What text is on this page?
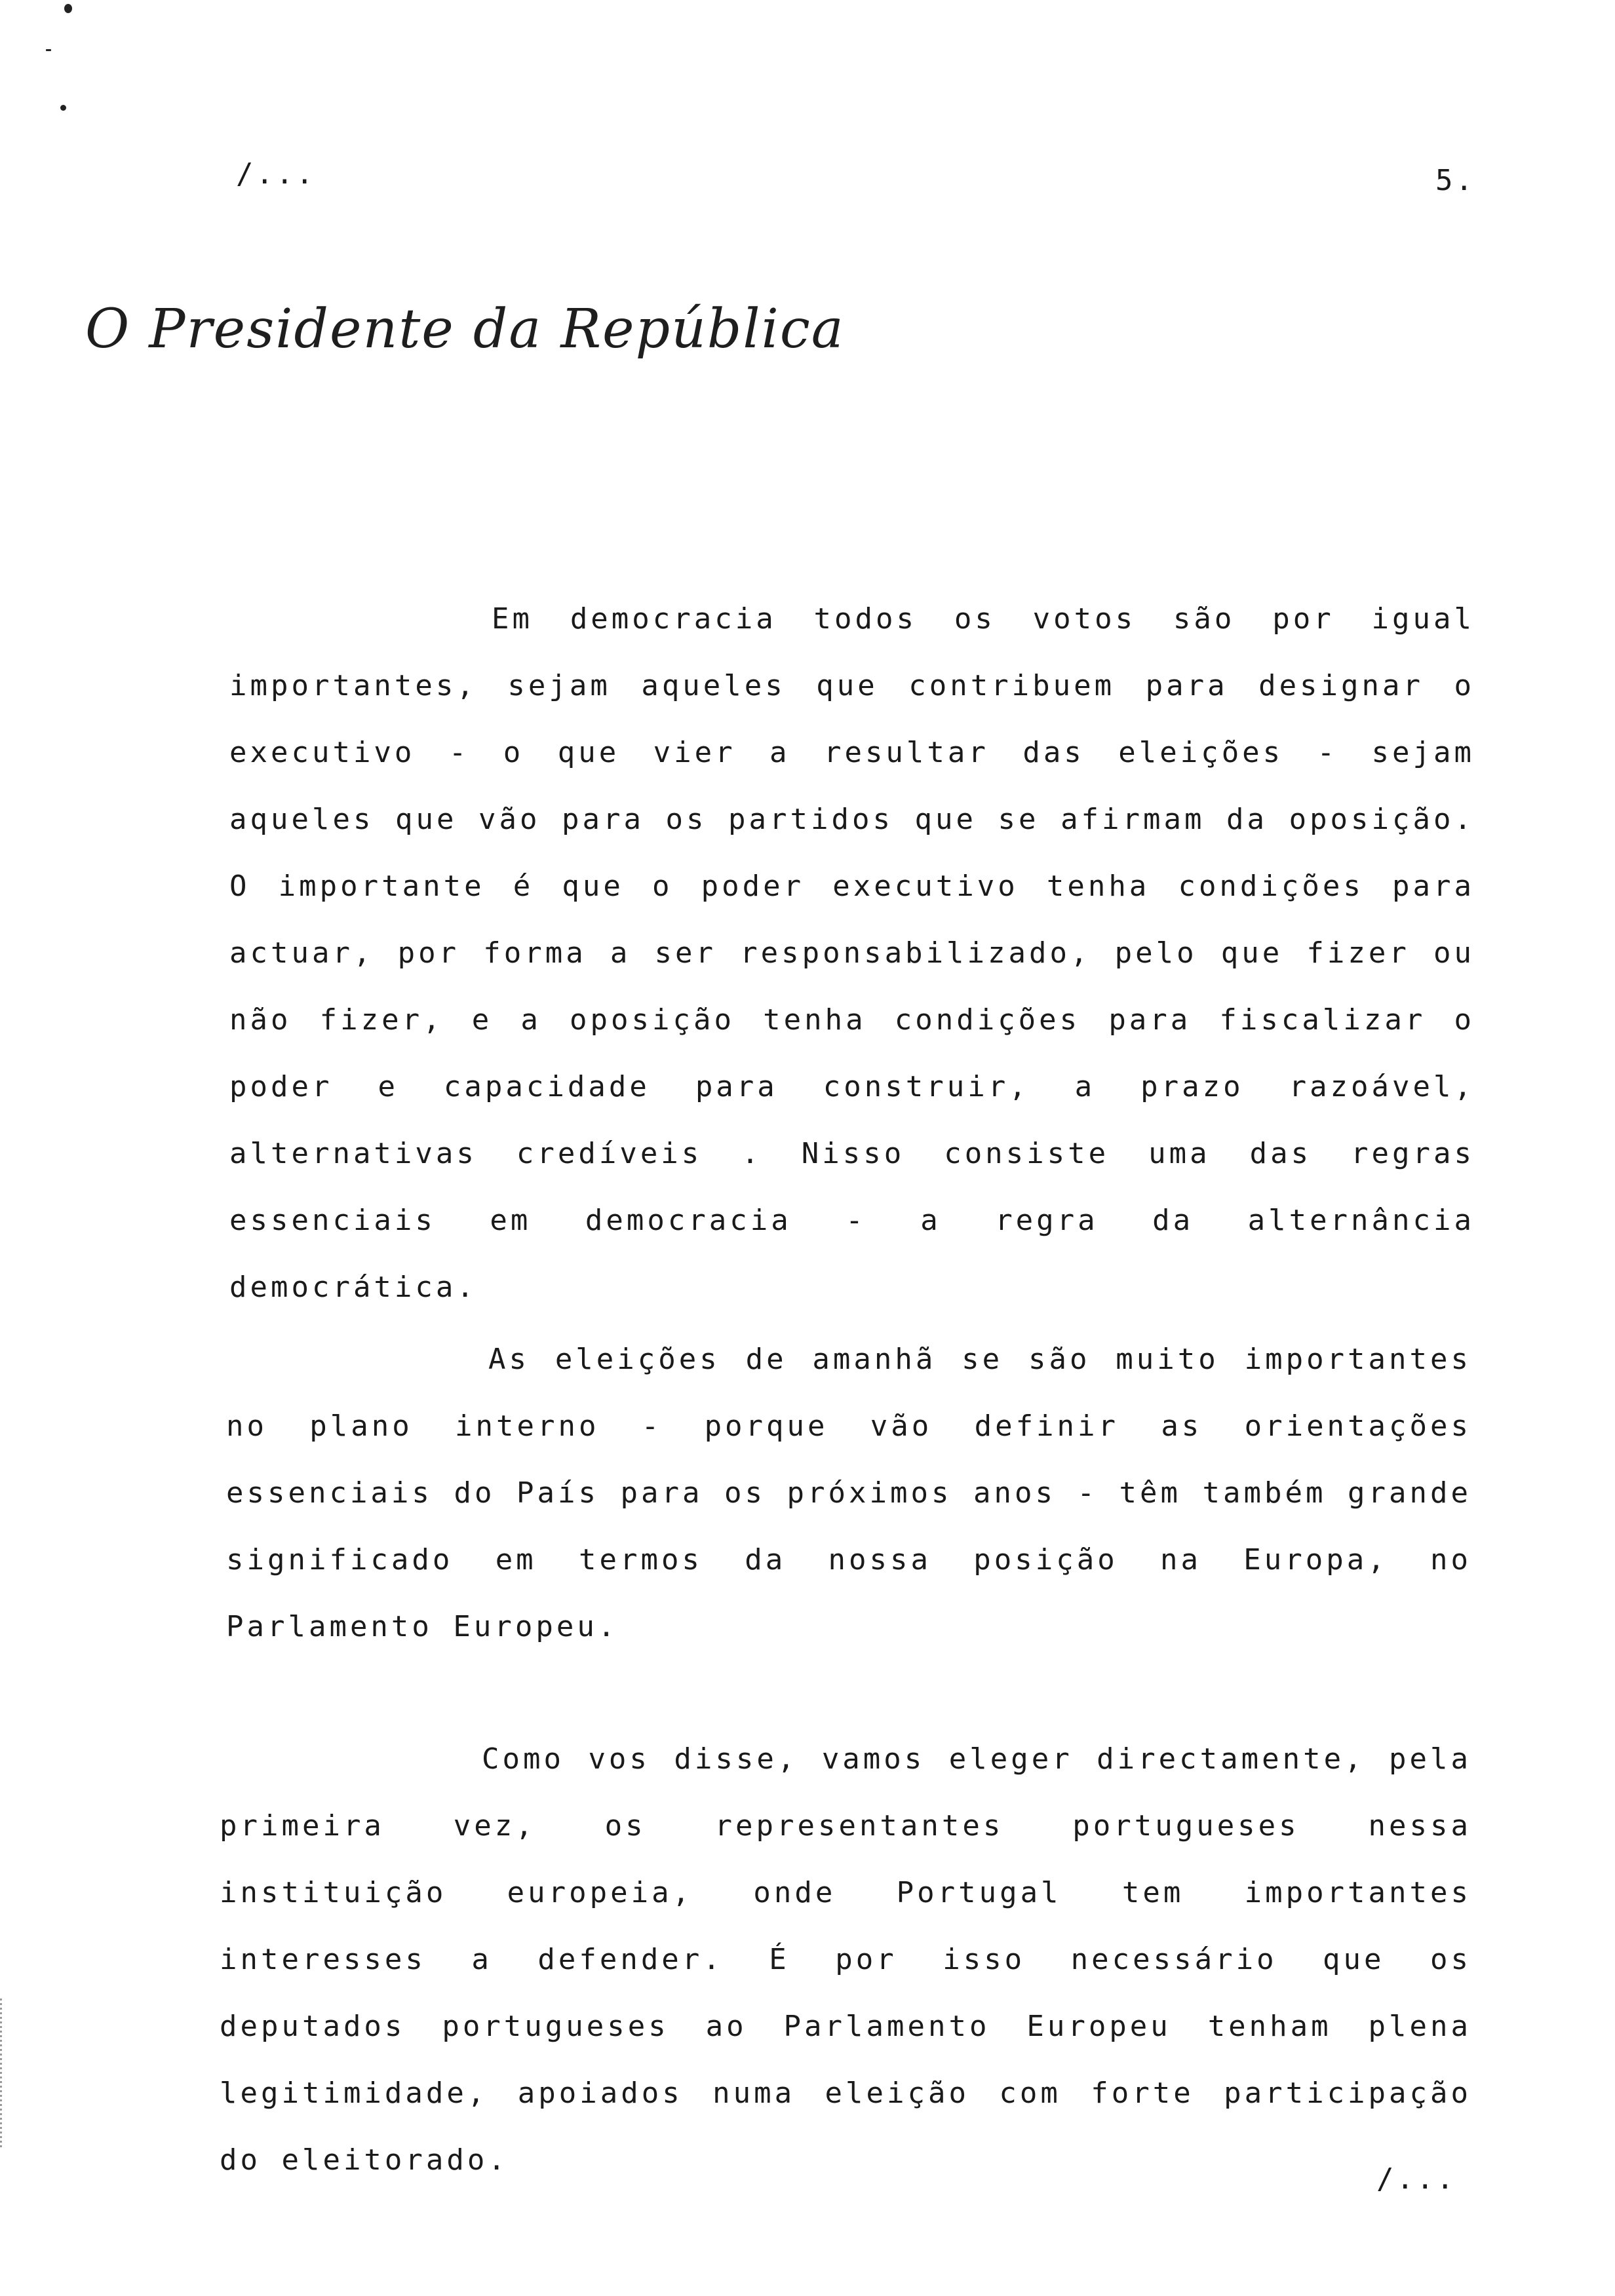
/...	5.
O Presidente da República

Em democracia todos os votos são por igual importantes, sejam aqueles que contribuem para designar o executivo - o que vier a resultar das eleições - sejam aqueles que vão para os partidos que se afirmam da oposição. O importante é que o poder executivo tenha condições para actuar, por forma a ser responsabilizado, pelo que fizer ou não fizer, e a oposição tenha condições para fiscalizar o poder e capacidade para construir, a prazo razoável, alternativas credíveis . Nisso consiste uma das regras essenciais em democracia - a regra da alternância democrática.

As eleições de amanhã se são muito importantes no plano interno - porque vão definir as orientações essenciais do País para os próximos anos - têm também grande significado em termos da nossa posição na Europa, no Parlamento Europeu.

Como vos disse, vamos eleger directamente, pela primeira vez, os representantes portugueses nessa instituição europeia, onde Portugal tem importantes interesses a defender. É por isso necessário que os deputados portugueses ao Parlamento Europeu tenham plena legitimidade, apoiados numa eleição com forte participação do eleitorado.

/...
